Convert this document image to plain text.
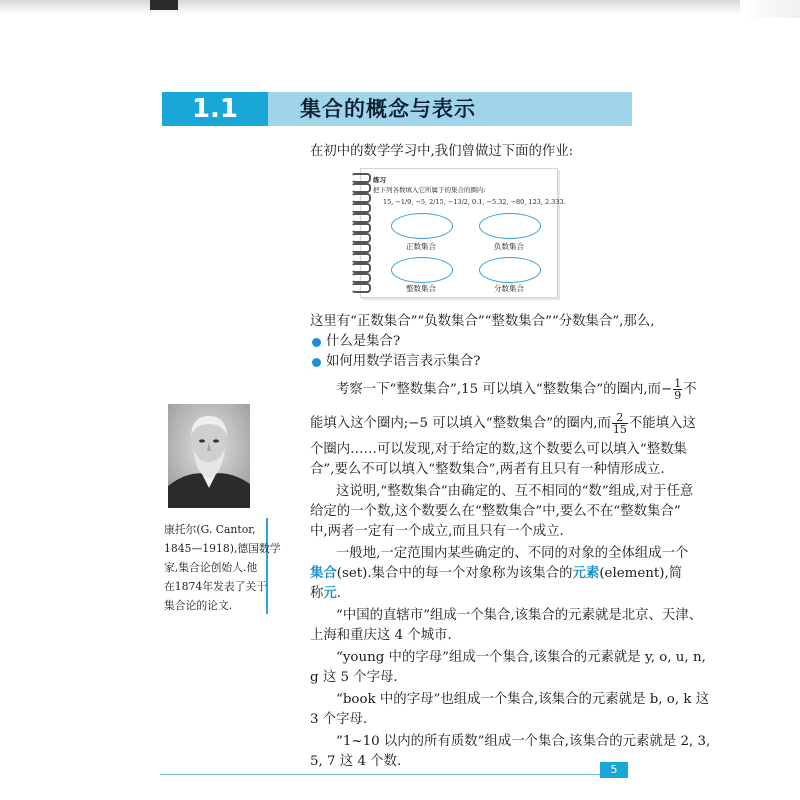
1.1	集合的概念与表示
在初中的数学学习中,我们曾做过下面的作业:
练习
把下列各数填入它所属于的集合的圈内:
15, −1/9, −5, 2/15, −13/2, 0.1, −5.32, −80, 123, 2.333.
正数集合	负数集合
整数集合	分数集合
这里有“正数集合”“负数集合”“整数集合”“分数集合”,那么,
什么是集合?
如何用数学语言表示集合?
考察一下“整数集合”,15 可以填入“整数集合”的圈内,而− $\frac{1}{9}$ 不
能填入这个圈内;−5 可以填入“整数集合”的圈内,而 $\frac{2}{15}$ 不能填入这
个圈内……可以发现,对于给定的数,这个数要么可以填入“整数集
合”,要么不可以填入“整数集合”,两者有且只有一种情形成立.
这说明,“整数集合”由确定的、互不相同的“数”组成,对于任意
给定的一个数,这个数要么在“整数集合”中,要么不在“整数集合”
中,两者一定有一个成立,而且只有一个成立.
一般地,一定范围内某些确定的、不同的对象的全体组成一个
集合(set).集合中的每一个对象称为该集合的元素(element),简
称元.
“中国的直辖市”组成一个集合,该集合的元素就是北京、天津、
上海和重庆这 4 个城市.
“young 中的字母”组成一个集合,该集合的元素就是 y, o, u, n,
g 这 5 个字母.
“book 中的字母”也组成一个集合,该集合的元素就是 b, o, k 这
3 个字母.
“1~10 以内的所有质数”组成一个集合,该集合的元素就是 2, 3,
5, 7 这 4 个数.
康托尔(G. Cantor,
1845—1918),德国数学
家,集合论创始人.他
在1874年发表了关于
集合论的论文.
5
